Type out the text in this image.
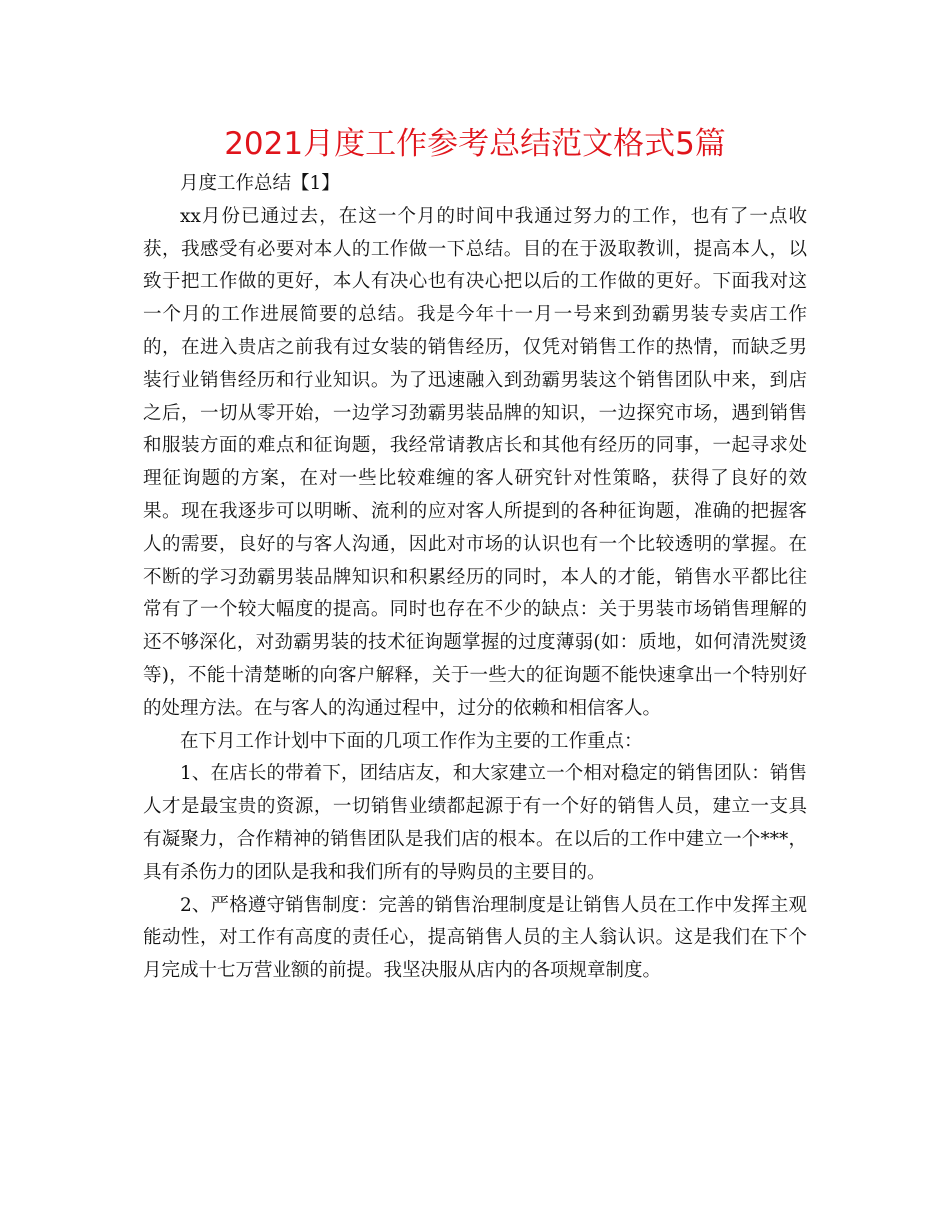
2021月度工作参考总结范文格式5篇

月度工作总结【1】

xx月份已通过去，在这一个月的时间中我通过努力的工作，也有了一点收获，我感受有必要对本人的工作做一下总结。目的在于汲取教训，提高本人，以致于把工作做的更好，本人有决心也有决心把以后的工作做的更好。下面我对这一个月的工作进展简要的总结。我是今年十一月一号来到劲霸男装专卖店工作的，在进入贵店之前我有过女装的销售经历，仅凭对销售工作的热情，而缺乏男装行业销售经历和行业知识。为了迅速融入到劲霸男装这个销售团队中来，到店之后，一切从零开始，一边学习劲霸男装品牌的知识，一边探究市场，遇到销售和服装方面的难点和征询题，我经常请教店长和其他有经历的同事，一起寻求处理征询题的方案，在对一些比较难缠的客人研究针对性策略，获得了良好的效果。现在我逐步可以明晰、流利的应对客人所提到的各种征询题，准确的把握客人的需要，良好的与客人沟通，因此对市场的认识也有一个比较透明的掌握。在不断的学习劲霸男装品牌知识和积累经历的同时，本人的才能，销售水平都比往常有了一个较大幅度的提高。同时也存在不少的缺点：关于男装市场销售理解的还不够深化，对劲霸男装的技术征询题掌握的过度薄弱(如：质地，如何清洗熨烫等)，不能十清楚晰的向客户解释，关于一些大的征询题不能快速拿出一个特别好的处理方法。在与客人的沟通过程中，过分的依赖和相信客人。

在下月工作计划中下面的几项工作作为主要的工作重点：

1、在店长的带着下，团结店友，和大家建立一个相对稳定的销售团队：销售人才是最宝贵的资源，一切销售业绩都起源于有一个好的销售人员，建立一支具有凝聚力，合作精神的销售团队是我们店的根本。在以后的工作中建立一个***，具有杀伤力的团队是我和我们所有的导购员的主要目的。

2、严格遵守销售制度：完善的销售治理制度是让销售人员在工作中发挥主观能动性，对工作有高度的责任心，提高销售人员的主人翁认识。这是我们在下个月完成十七万营业额的前提。我坚决服从店内的各项规章制度。
